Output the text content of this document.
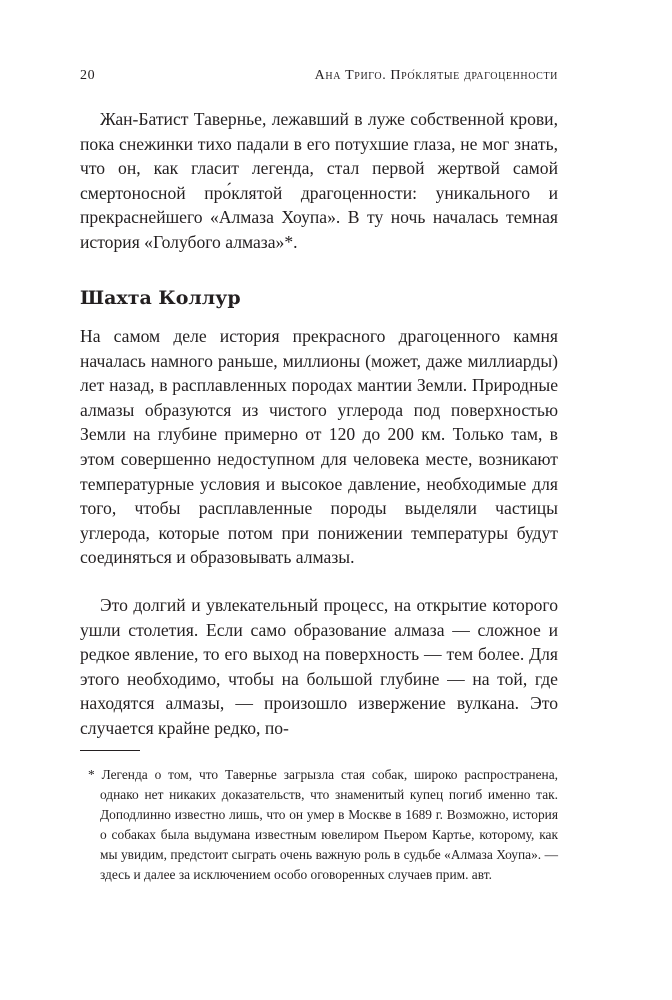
20	Ана Триго. Про́клятые драгоценности

Жан-Батист Тавернье, лежавший в луже собственной крови, пока снежинки тихо падали в его потухшие глаза, не мог знать, что он, как гласит легенда, стал первой жертвой самой смертоносной про́клятой драгоценности: уникального и прекраснейшего «Алмаза Хоупа». В ту ночь началась темная история «Голубого алмаза»*.

Шахта Коллур

На самом деле история прекрасного драгоценного камня началась намного раньше, миллионы (может, даже миллиарды) лет назад, в расплавленных породах мантии Земли. Природные алмазы образуются из чистого углерода под поверхностью Земли на глубине примерно от 120 до 200 км. Только там, в этом совершенно недоступном для человека месте, возникают температурные условия и высокое давление, необходимые для того, чтобы расплавленные породы выделяли частицы углерода, которые потом при понижении температуры будут соединяться и образовывать алмазы.

Это долгий и увлекательный процесс, на открытие которого ушли столетия. Если само образование алмаза — сложное и редкое явление, то его выход на поверхность — тем более. Для этого необходимо, чтобы на большой глубине — на той, где находятся алмазы, — произошло извержение вулкана. Это случается крайне редко, по-

* Легенда о том, что Тавернье загрызла стая собак, широко распространена, однако нет никаких доказательств, что знаменитый купец погиб именно так. Доподлинно известно лишь, что он умер в Москве в 1689 г. Возможно, история о собаках была выдумана известным ювелиром Пьером Картье, которому, как мы увидим, предстоит сыграть очень важную роль в судьбе «Алмаза Хоупа». — здесь и далее за исключением особо оговоренных случаев прим. авт.
